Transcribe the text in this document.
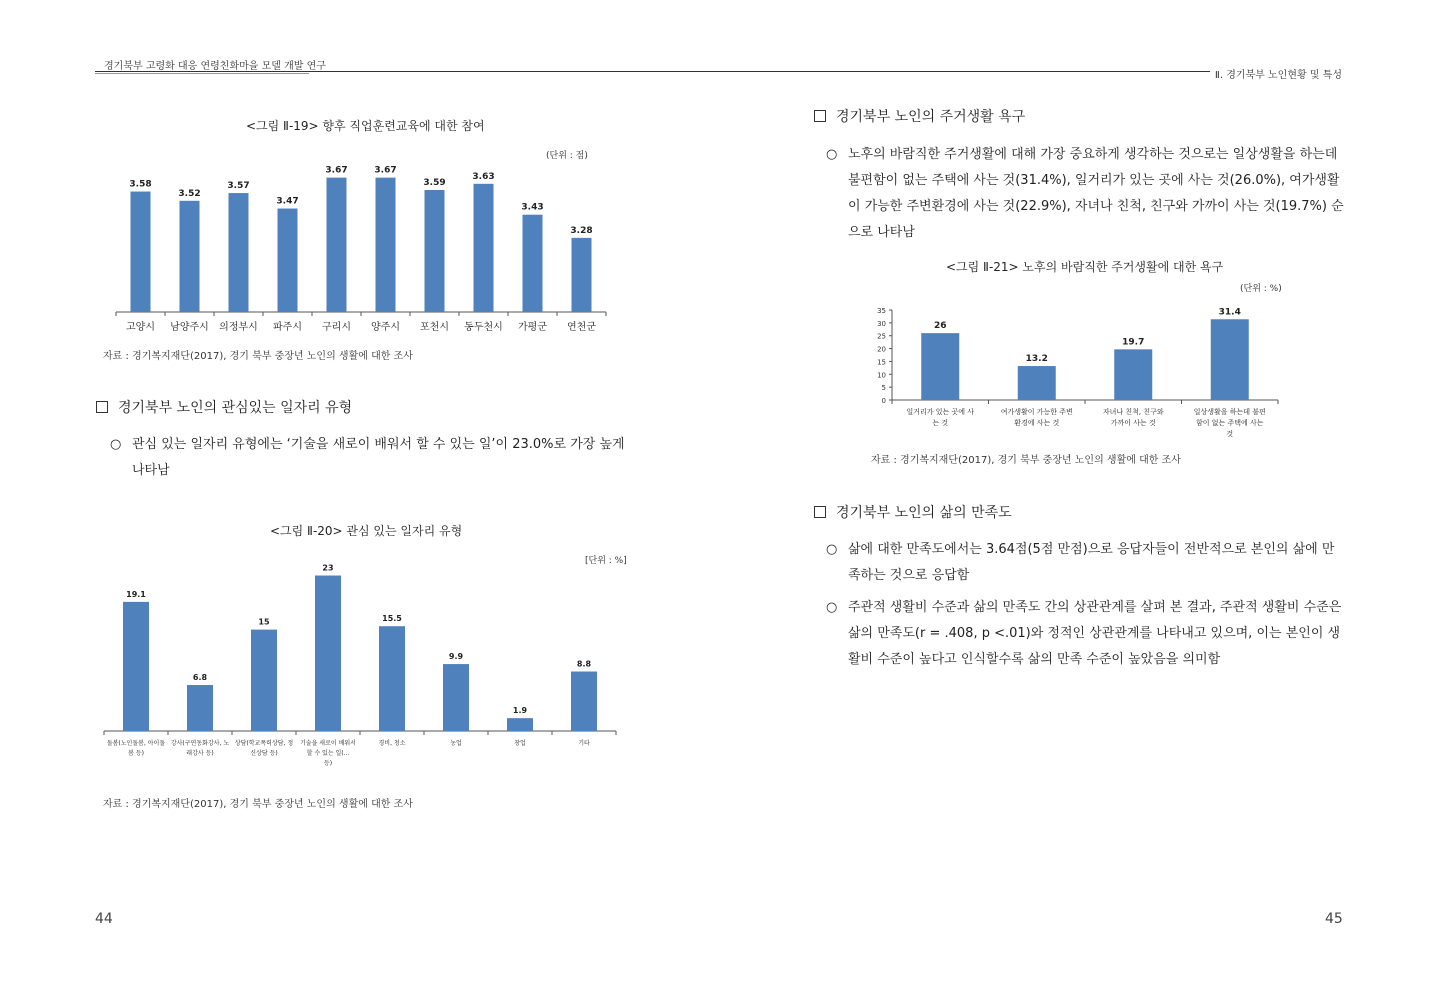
경기북부 고령화 대응 연령친화마을 모델 개발 연구
Ⅱ. 경기북부 노인현황 및 특성
<그림 Ⅱ-19> 향후 직업훈련교육에 대한 참여
(단위 : 점)
3.58
고양시
3.52
남양주시
3.57
의정부시
3.47
파주시
3.67
구리시
3.67
양주시
3.59
포천시
3.63
동두천시
3.43
가평군
3.28
연천군
자료 : 경기복지재단(2017), 경기 북부 중장년 노인의 생활에 대한 조사
경기북부 노인의 관심있는 일자리 유형
○ 관심 있는 일자리 유형에는 ‘기술을 새로이 배워서 할 수 있는 일’이 23.0%로 가장 높게 나타남
<그림 Ⅱ-20> 관심 있는 일자리 유형
[단위 : %]
19.1
돌봄(노인돌봄, 아이돌
봄 등)
6.8
강사(구연동화강사, 노
래강사 등)
15
상담(학교폭력상담, 정
신상담 등)
23
기술을 새로이 배워서
할 수 있는 일(...
등)
15.5
경비, 청소
9.9
농업
1.9
창업
8.8
기타
자료 : 경기복지재단(2017), 경기 북부 중장년 노인의 생활에 대한 조사
44
경기북부 노인의 주거생활 욕구
○ 노후의 바람직한 주거생활에 대해 가장 중요하게 생각하는 것으로는 일상생활을 하는데 불편함이 없는 주택에 사는 것(31.4%), 일거리가 있는 곳에 사는 것(26.0%), 여가생활이 가능한 주변환경에 사는 것(22.9%), 자녀나 친척, 친구와 가까이 사는 것(19.7%) 순으로 나타남
<그림 Ⅱ-21> 노후의 바람직한 주거생활에 대한 욕구
(단위 : %)
35
30
25
20
15
10
5
0
26
일거리가 있는 곳에 사
는 것
13.2
여가생활이 가능한 주변
환경에 사는 것
19.7
자녀나 친척, 친구와
가까이 사는 것
31.4
일상생활을 하는데 불편
함이 없는 주택에 사는
것
자료 : 경기복지재단(2017), 경기 북부 중장년 노인의 생활에 대한 조사
경기북부 노인의 삶의 만족도
○ 삶에 대한 만족도에서는 3.64점(5점 만점)으로 응답자들이 전반적으로 본인의 삶에 만족하는 것으로 응답함
○ 주관적 생활비 수준과 삶의 만족도 간의 상관관계를 살펴 본 결과, 주관적 생활비 수준은 삶의 만족도(r = .408, p <.01)와 정적인 상관관계를 나타내고 있으며, 이는 본인이 생활비 수준이 높다고 인식할수록 삶의 만족 수준이 높았음을 의미함
45
